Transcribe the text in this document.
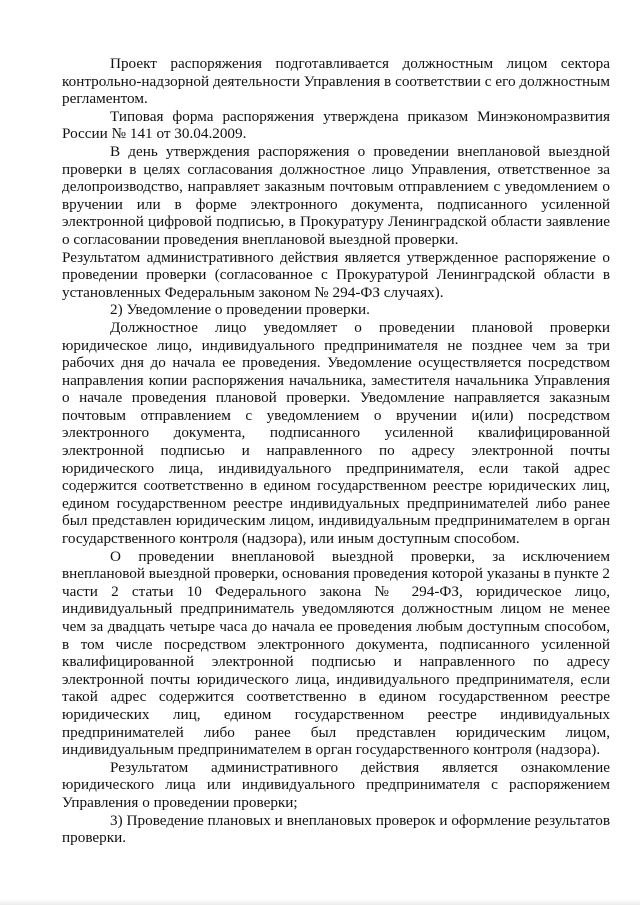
Проект распоряжения подготавливается должностным лицом сектора контрольно-надзорной деятельности Управления в соответствии с его должностным регламентом.

Типовая форма распоряжения утверждена приказом Минэкономразвития России № 141 от 30.04.2009.

В день утверждения распоряжения о проведении внеплановой выездной проверки в целях согласования должностное лицо Управления, ответственное за делопроизводство, направляет заказным почтовым отправлением с уведомлением о вручении или в форме электронного документа, подписанного усиленной электронной цифровой подписью, в Прокуратуру Ленинградской области заявление о согласовании проведения внеплановой выездной проверки.

Результатом административного действия является утвержденное распоряжение о проведении проверки (согласованное с Прокуратурой Ленинградской области в установленных Федеральным законом № 294-ФЗ случаях).

2) Уведомление о проведении проверки.

Должностное лицо уведомляет о проведении плановой проверки юридическое лицо, индивидуального предпринимателя не позднее чем за три рабочих дня до начала ее проведения. Уведомление осуществляется посредством направления копии распоряжения начальника, заместителя начальника Управления о начале проведения плановой проверки. Уведомление направляется заказным почтовым отправлением с уведомлением о вручении и(или) посредством электронного документа, подписанного усиленной квалифицированной электронной подписью и направленного по адресу электронной почты юридического лица, индивидуального предпринимателя, если такой адрес содержится соответственно в едином государственном реестре юридических лиц, едином государственном реестре индивидуальных предпринимателей либо ранее был представлен юридическим лицом, индивидуальным предпринимателем в орган государственного контроля (надзора), или иным доступным способом.

О проведении внеплановой выездной проверки, за исключением внеплановой выездной проверки, основания проведения которой указаны в пункте 2 части 2 статьи 10 Федерального закона № 294-ФЗ, юридическое лицо, индивидуальный предприниматель уведомляются должностным лицом не менее чем за двадцать четыре часа до начала ее проведения любым доступным способом, в том числе посредством электронного документа, подписанного усиленной квалифицированной электронной подписью и направленного по адресу электронной почты юридического лица, индивидуального предпринимателя, если такой адрес содержится соответственно в едином государственном реестре юридических лиц, едином государственном реестре индивидуальных предпринимателей либо ранее был представлен юридическим лицом, индивидуальным предпринимателем в орган государственного контроля (надзора).

Результатом административного действия является ознакомление юридического лица или индивидуального предпринимателя с распоряжением Управления о проведении проверки;

3) Проведение плановых и внеплановых проверок и оформление результатов проверки.
